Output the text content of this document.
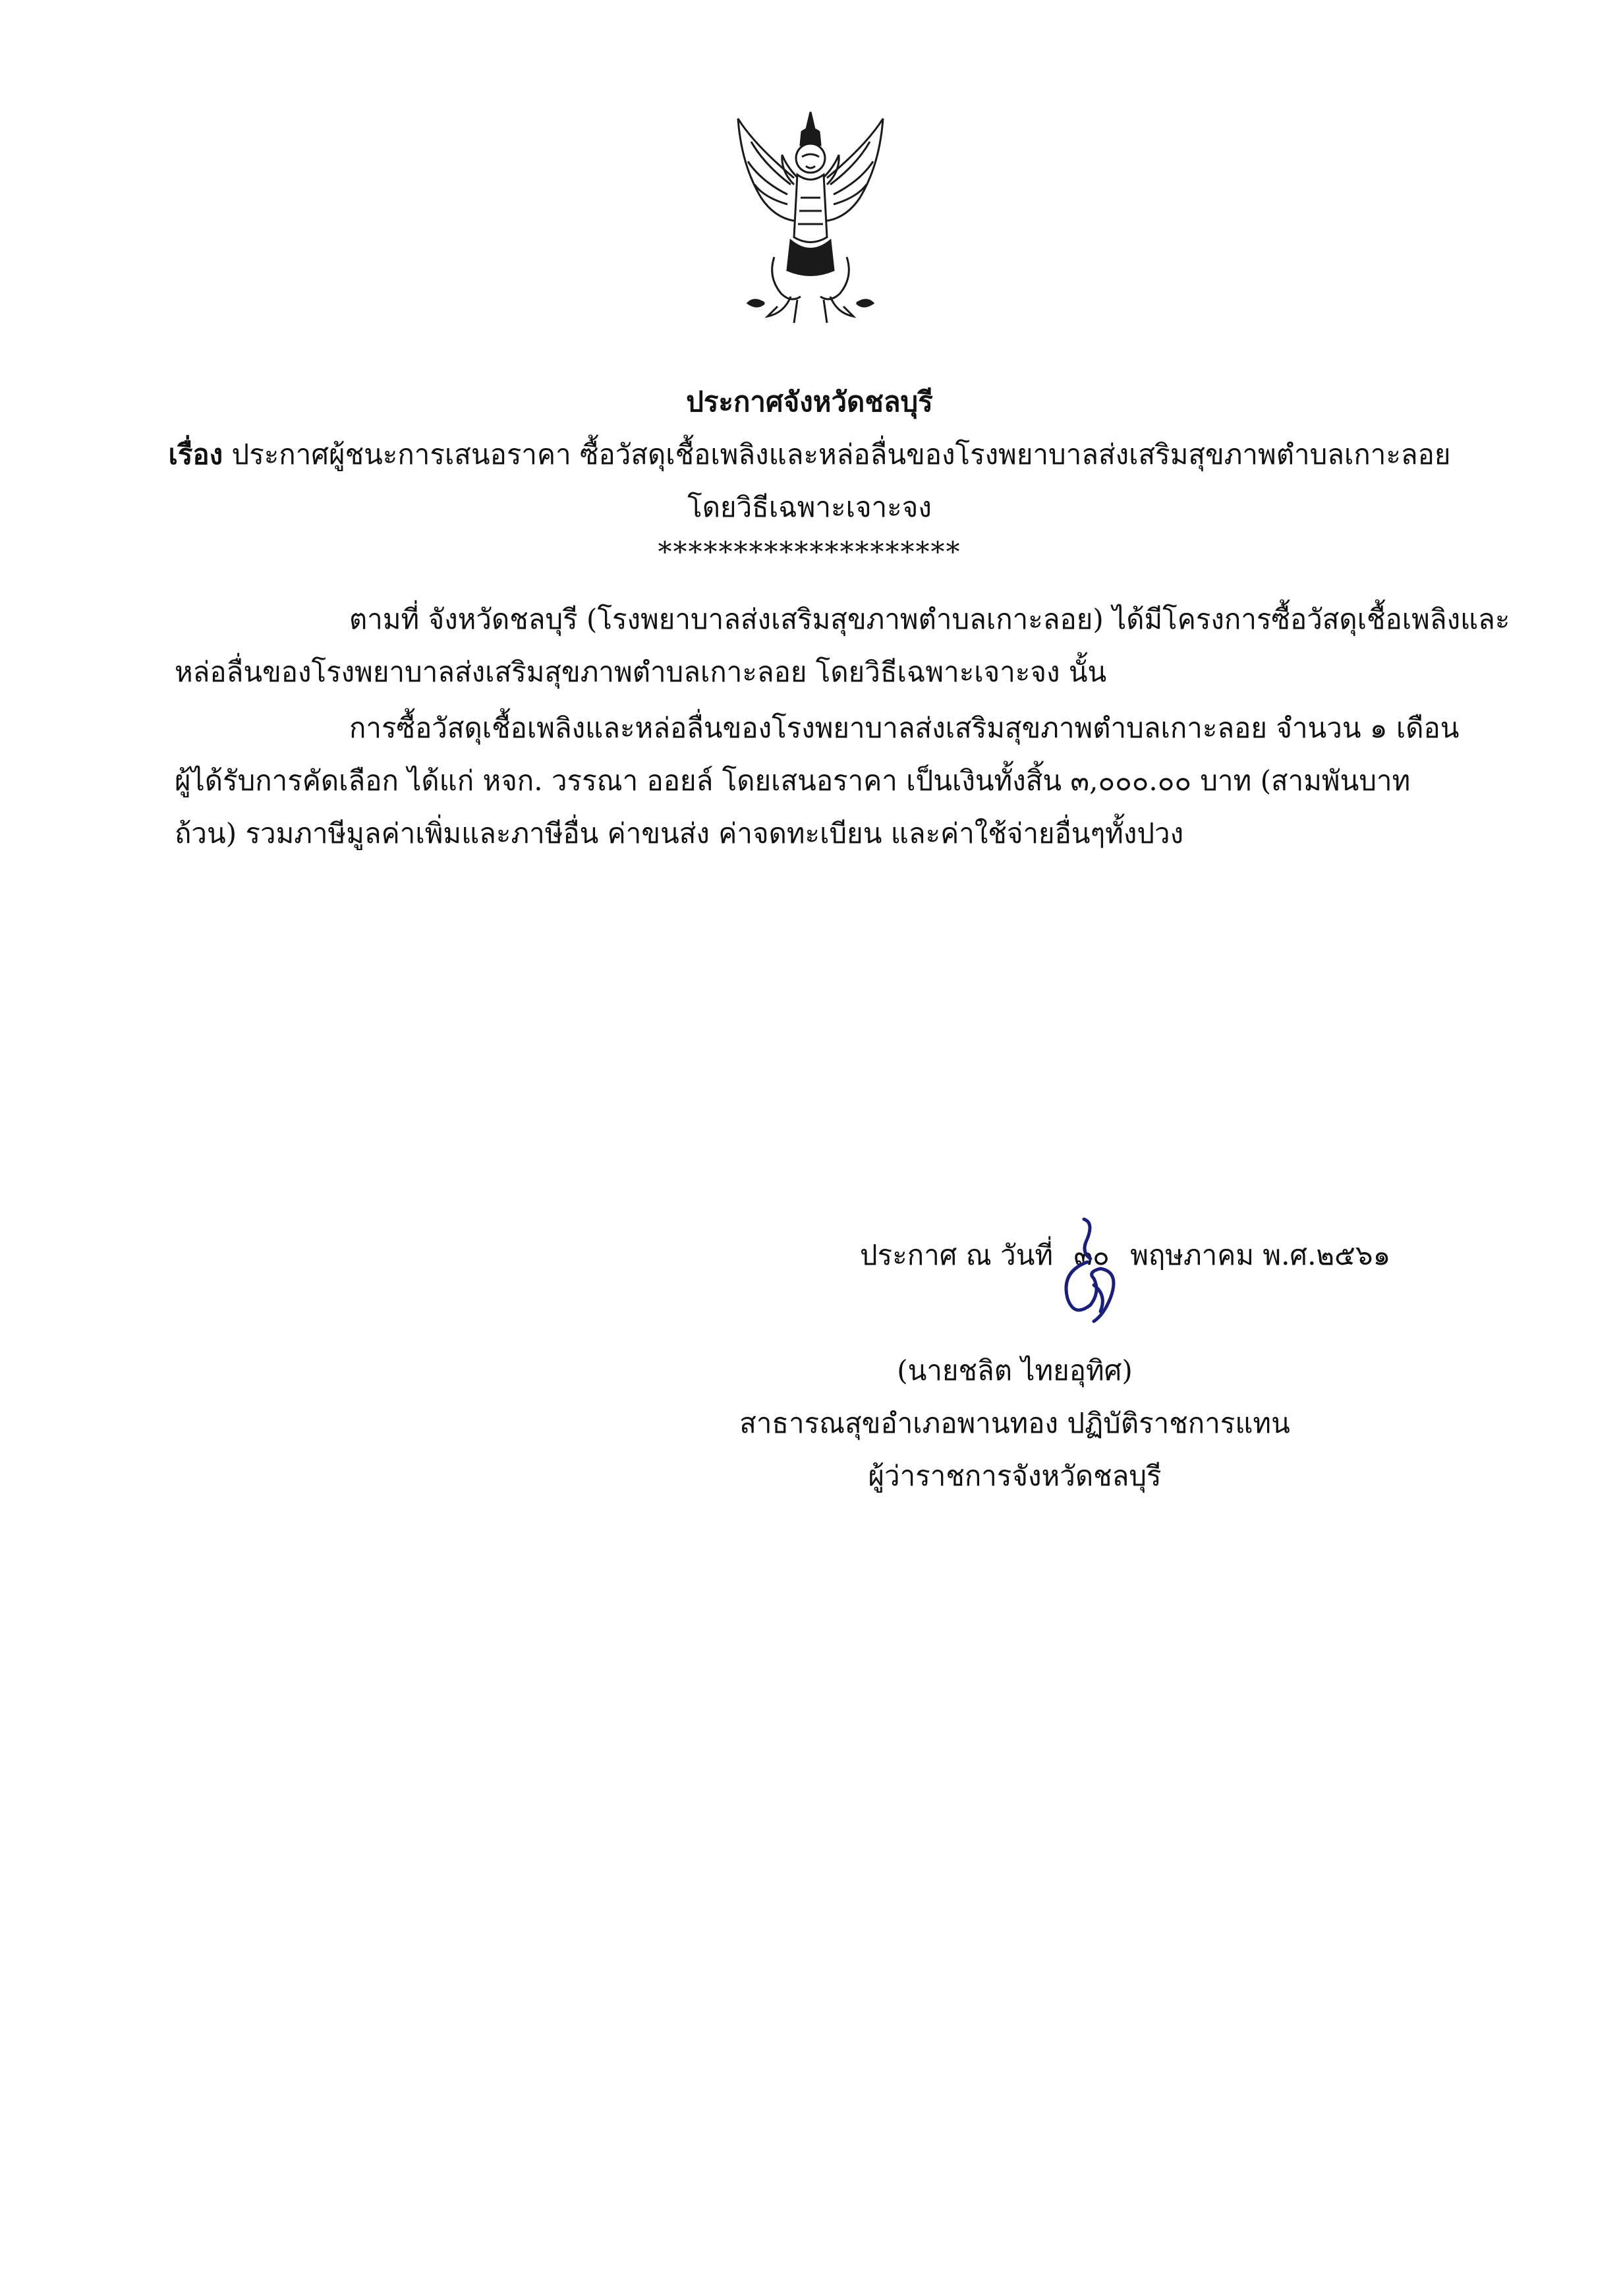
ประกาศจังหวัดชลบุรี
เรื่อง ประกาศผู้ชนะการเสนอราคา ซื้อวัสดุเชื้อเพลิงและหล่อลื่นของโรงพยาบาลส่งเสริมสุขภาพตำบลเกาะลอย
โดยวิธีเฉพาะเจาะจง
********************
ตามที่ จังหวัดชลบุรี (โรงพยาบาลส่งเสริมสุขภาพตำบลเกาะลอย) ได้มีโครงการซื้อวัสดุเชื้อเพลิงและ
หล่อลื่นของโรงพยาบาลส่งเสริมสุขภาพตำบลเกาะลอย โดยวิธีเฉพาะเจาะจง นั้น
การซื้อวัสดุเชื้อเพลิงและหล่อลื่นของโรงพยาบาลส่งเสริมสุขภาพตำบลเกาะลอย จำนวน ๑ เดือน
ผู้ได้รับการคัดเลือก ได้แก่ หจก. วรรณา ออยล์ โดยเสนอราคา เป็นเงินทั้งสิ้น ๓,๐๐๐.๐๐ บาท (สามพันบาท
ถ้วน) รวมภาษีมูลค่าเพิ่มและภาษีอื่น ค่าขนส่ง ค่าจดทะเบียน และค่าใช้จ่ายอื่นๆทั้งปวง
ประกาศ ณ วันที่ ๓๐ พฤษภาคม พ.ศ.๒๕๖๑
(นายชลิต ไทยอุทิศ)
สาธารณสุขอำเภอพานทอง ปฏิบัติราชการแทน
ผู้ว่าราชการจังหวัดชลบุรี
